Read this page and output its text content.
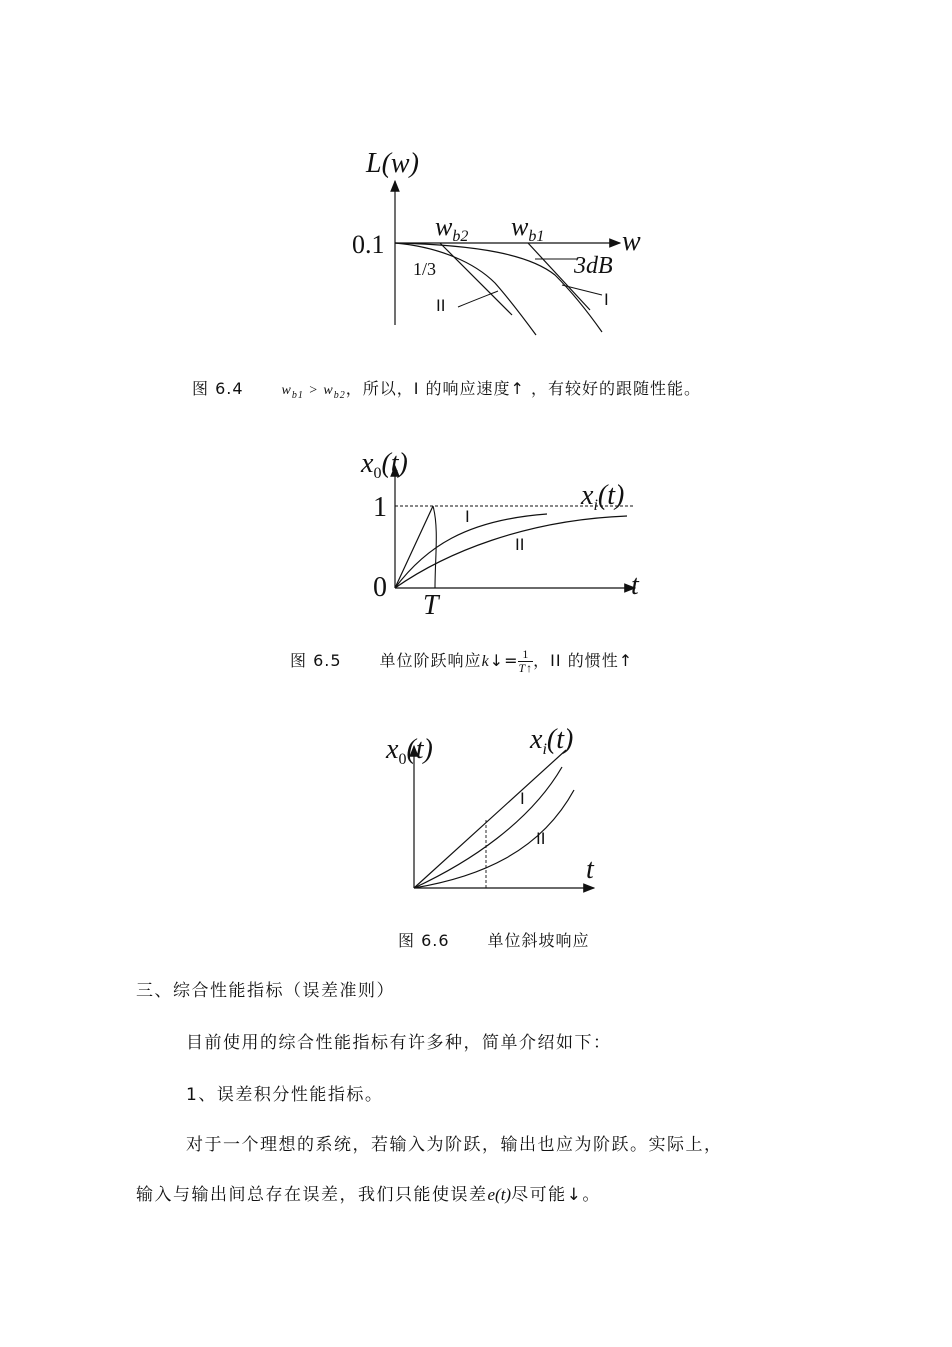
L(w)
w
0.1
$w_{b2}$ $w_{b1}$
1/3	3dB
I
II
图 6.4	$w_{b1} > w_{b2}$，所以，I 的响应速度↑ ，有较好的跟随性能。
$x_0(t)$
$x_i(t)$
1
0	t
T
I
II
图 6.5 单位阶跃响应k↓= $\frac{1}{T↑}$ ，II 的惯性↑
$x_0(t)$	$x_i(t)$
t
I
II
图 6.6 单位斜坡响应
三、综合性能指标（误差准则）
目前使用的综合性能指标有许多种，简单介绍如下：
1、误差积分性能指标。
对于一个理想的系统，若输入为阶跃，输出也应为阶跃。实际上，
输入与输出间总存在误差，我们只能使误差e(t)尽可能↓。
